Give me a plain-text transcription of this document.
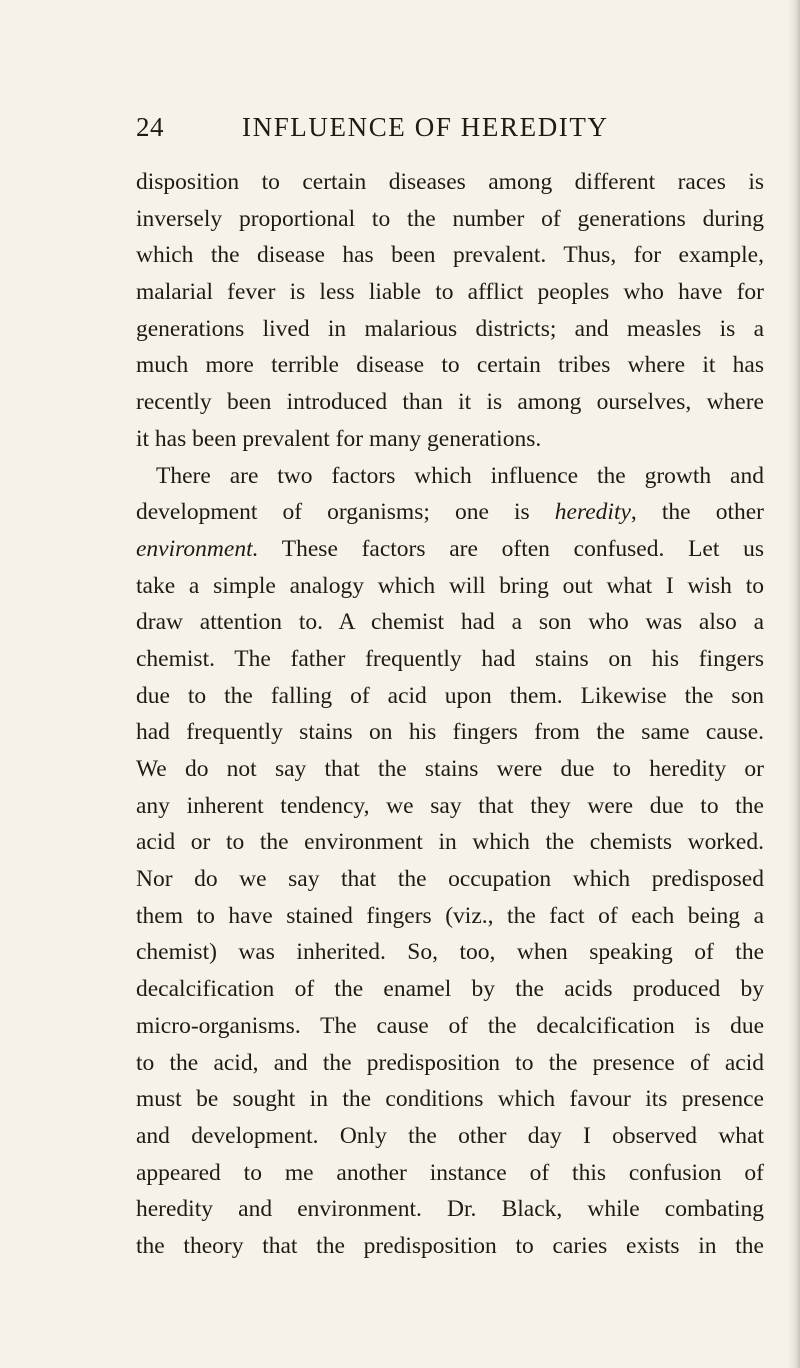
24	INFLUENCE OF HEREDITY
disposition to certain diseases among different races is
inversely proportional to the number of generations during
which the disease has been prevalent. Thus, for example,
malarial fever is less liable to afflict peoples who have for
generations lived in malarious districts; and measles is a
much more terrible disease to certain tribes where it has
recently been introduced than it is among ourselves, where
it has been prevalent for many generations.
There are two factors which influence the growth and
development of organisms; one is heredity, the other
environment. These factors are often confused. Let us
take a simple analogy which will bring out what I wish to
draw attention to. A chemist had a son who was also a
chemist. The father frequently had stains on his fingers
due to the falling of acid upon them. Likewise the son
had frequently stains on his fingers from the same cause.
We do not say that the stains were due to heredity or
any inherent tendency, we say that they were due to the
acid or to the environment in which the chemists worked.
Nor do we say that the occupation which predisposed
them to have stained fingers (viz., the fact of each being a
chemist) was inherited. So, too, when speaking of the
decalcification of the enamel by the acids produced by
micro-organisms. The cause of the decalcification is due
to the acid, and the predisposition to the presence of acid
must be sought in the conditions which favour its presence
and development. Only the other day I observed what
appeared to me another instance of this confusion of
heredity and environment. Dr. Black, while combating
the theory that the predisposition to caries exists in the
